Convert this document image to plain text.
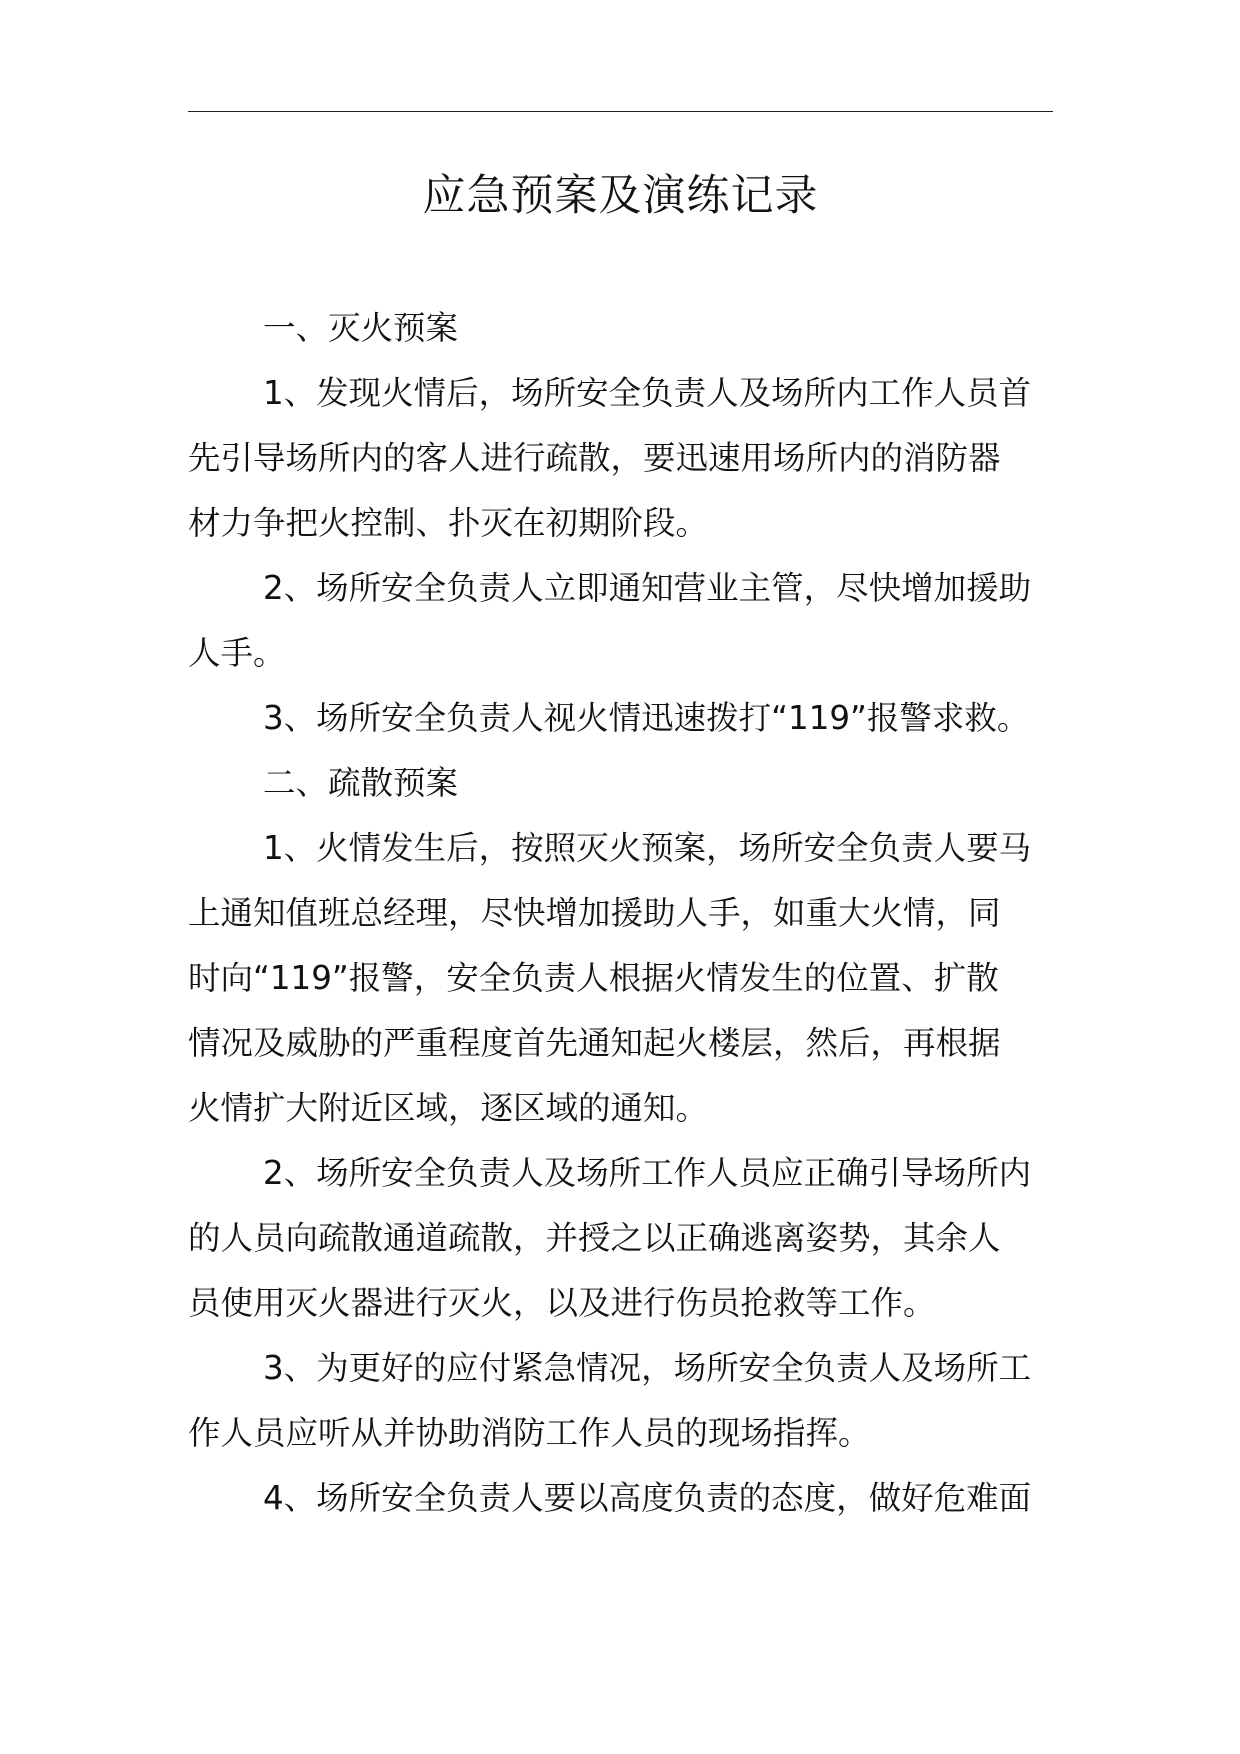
应急预案及演练记录
一、灭火预案
1、发现火情后，场所安全负责人及场所内工作人员首
先引导场所内的客人进行疏散，要迅速用场所内的消防器
材力争把火控制、扑灭在初期阶段。
2、场所安全负责人立即通知营业主管，尽快增加援助
人手。
3、场所安全负责人视火情迅速拨打“119”报警求救。
二、疏散预案
1、火情发生后，按照灭火预案，场所安全负责人要马
上通知值班总经理，尽快增加援助人手，如重大火情，同
时向“119”报警，安全负责人根据火情发生的位置、扩散
情况及威胁的严重程度首先通知起火楼层，然后，再根据
火情扩大附近区域，逐区域的通知。
2、场所安全负责人及场所工作人员应正确引导场所内
的人员向疏散通道疏散，并授之以正确逃离姿势，其余人
员使用灭火器进行灭火，以及进行伤员抢救等工作。
3、为更好的应付紧急情况，场所安全负责人及场所工
作人员应听从并协助消防工作人员的现场指挥。
4、场所安全负责人要以高度负责的态度，做好危难面
